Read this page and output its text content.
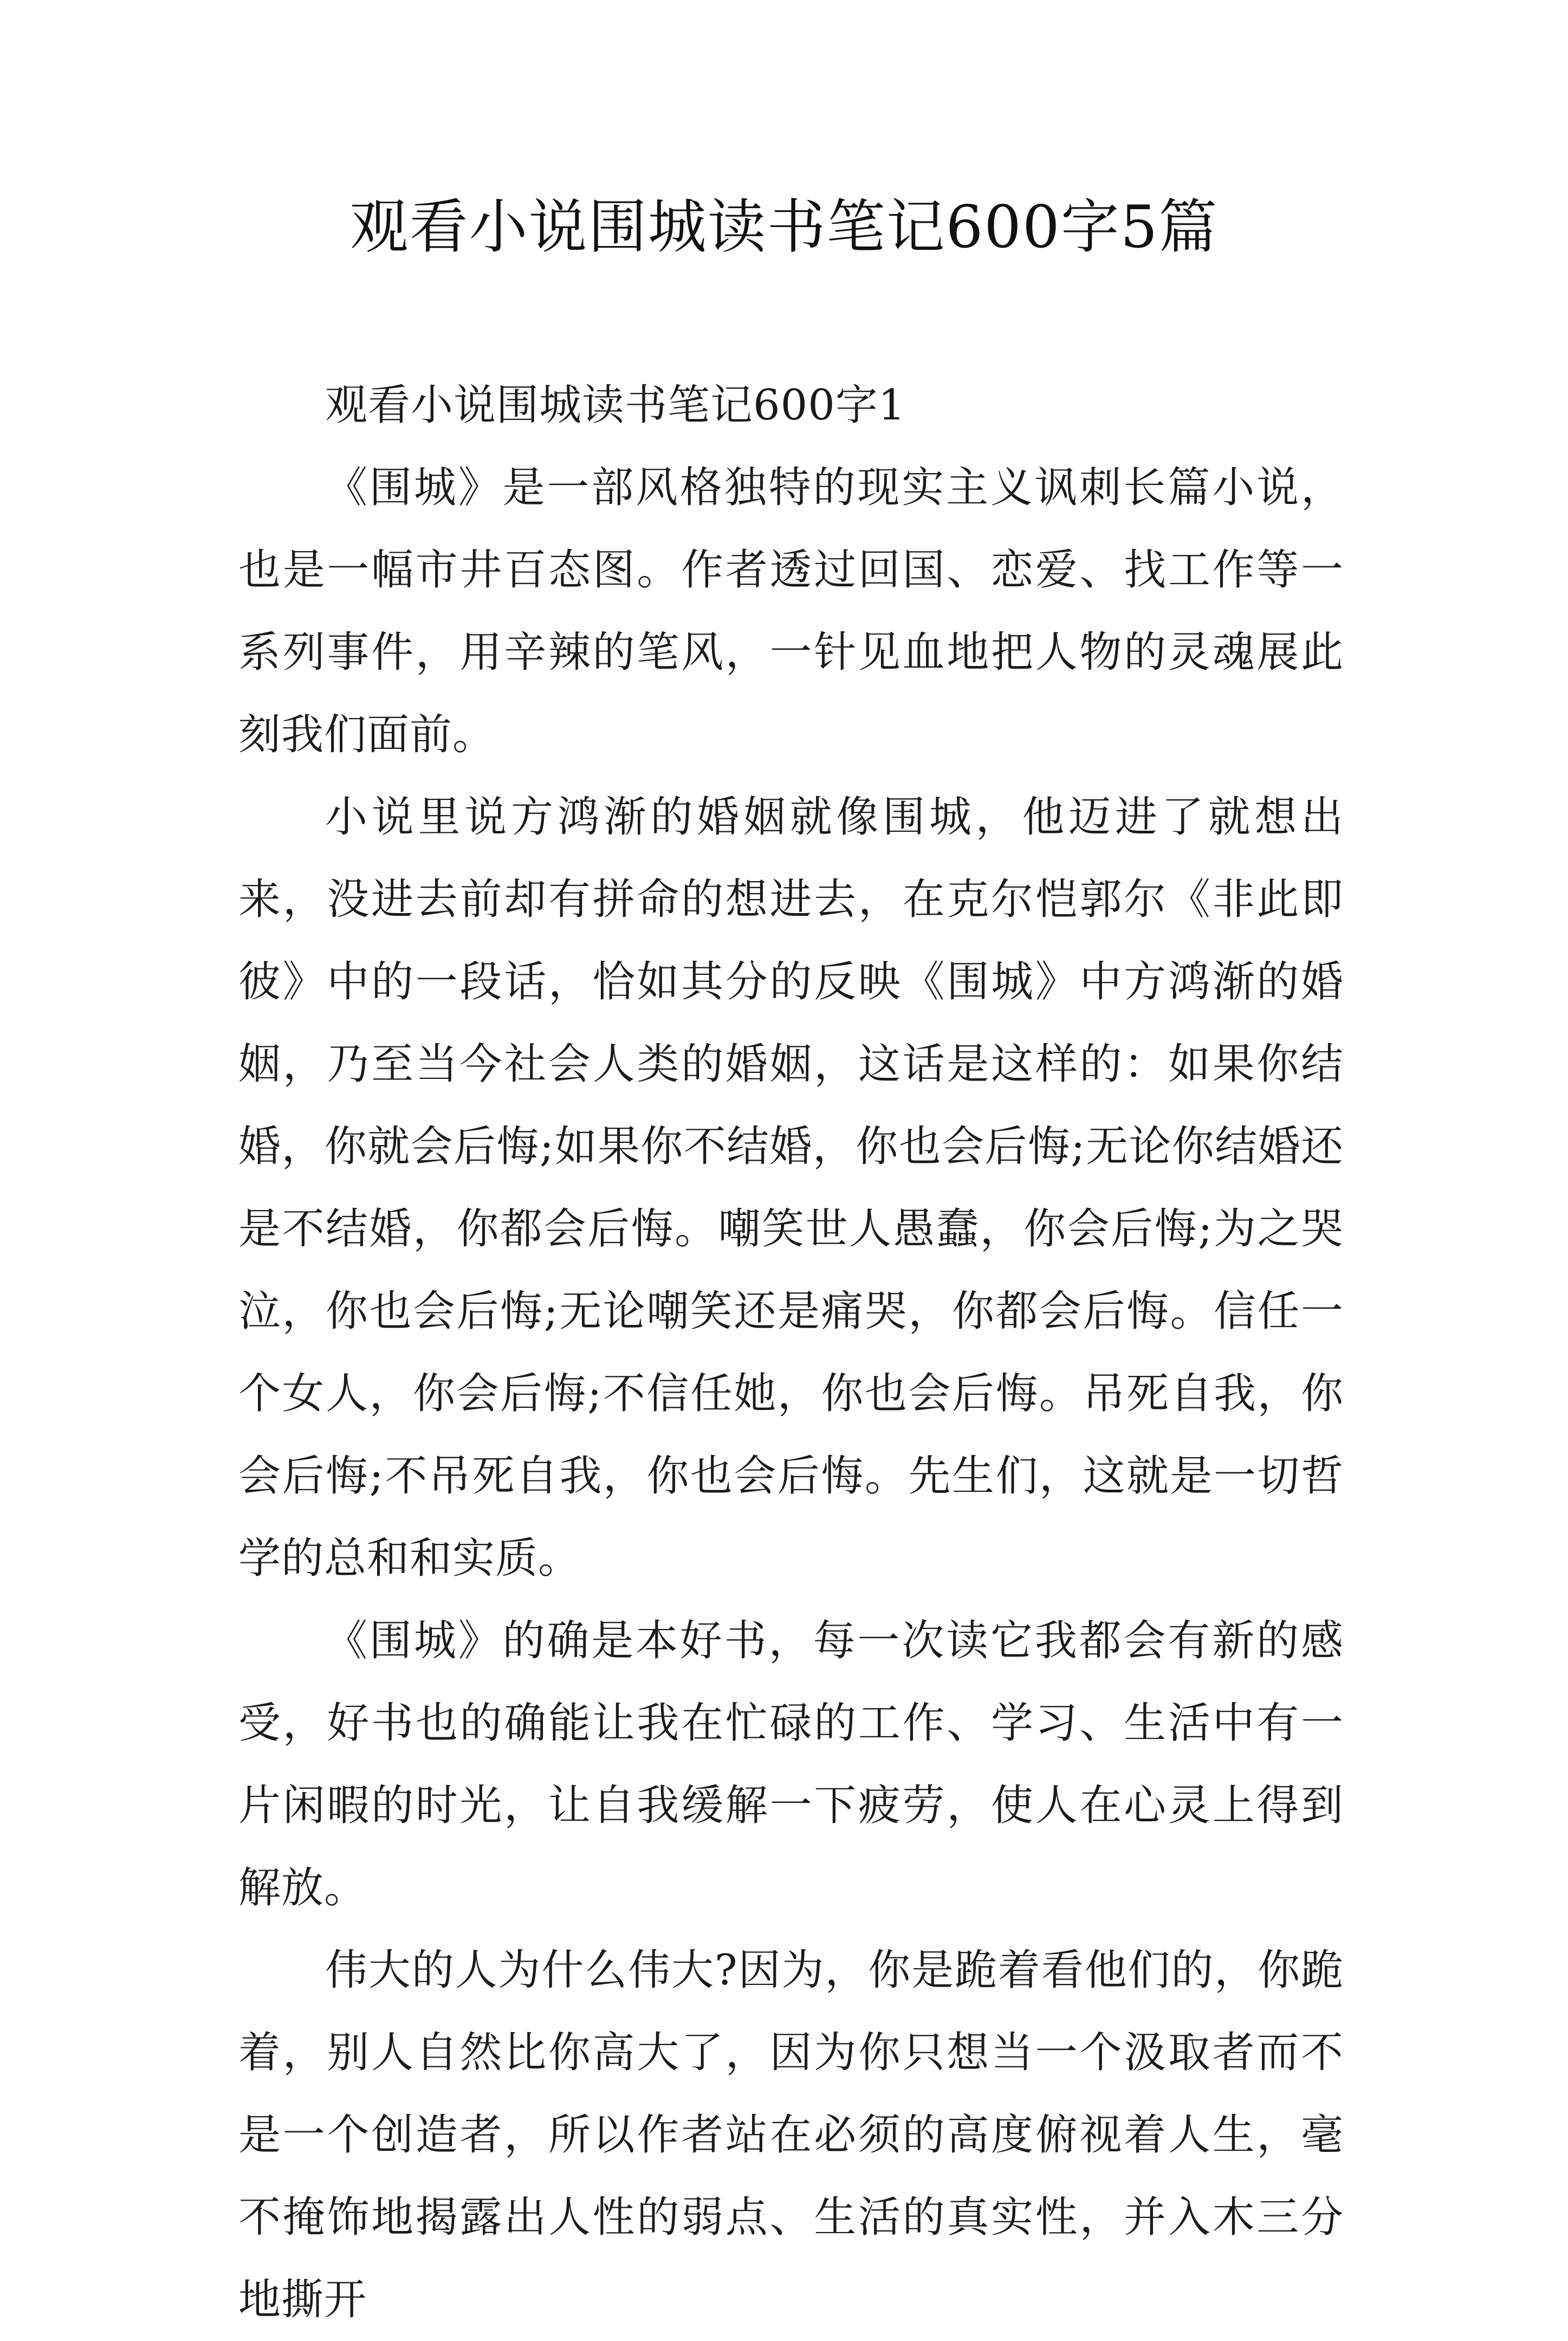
观看小说围城读书笔记600字5篇
观看小说围城读书笔记600字1

《围城》是一部风格独特的现实主义讽刺长篇小说，也是一幅市井百态图。作者透过回国、恋爱、找工作等一系列事件，用辛辣的笔风，一针见血地把人物的灵魂展此刻我们面前。

小说里说方鸿渐的婚姻就像围城，他迈进了就想出来，没进去前却有拼命的想进去，在克尔恺郭尔《非此即彼》中的一段话，恰如其分的反映《围城》中方鸿渐的婚姻，乃至当今社会人类的婚姻，这话是这样的：如果你结婚，你就会后悔;如果你不结婚，你也会后悔;无论你结婚还是不结婚，你都会后悔。嘲笑世人愚蠢，你会后悔;为之哭泣，你也会后悔;无论嘲笑还是痛哭，你都会后悔。信任一个女人，你会后悔;不信任她，你也会后悔。吊死自我，你会后悔;不吊死自我，你也会后悔。先生们，这就是一切哲学的总和和实质。

《围城》的确是本好书，每一次读它我都会有新的感受，好书也的确能让我在忙碌的工作、学习、生活中有一片闲暇的时光，让自我缓解一下疲劳，使人在心灵上得到解放。

伟大的人为什么伟大?因为，你是跪着看他们的，你跪着，别人自然比你高大了，因为你只想当一个汲取者而不是一个创造者，所以作者站在必须的高度俯视着人生，毫不掩饰地揭露出人性的弱点、生活的真实性，并入木三分地撕开
